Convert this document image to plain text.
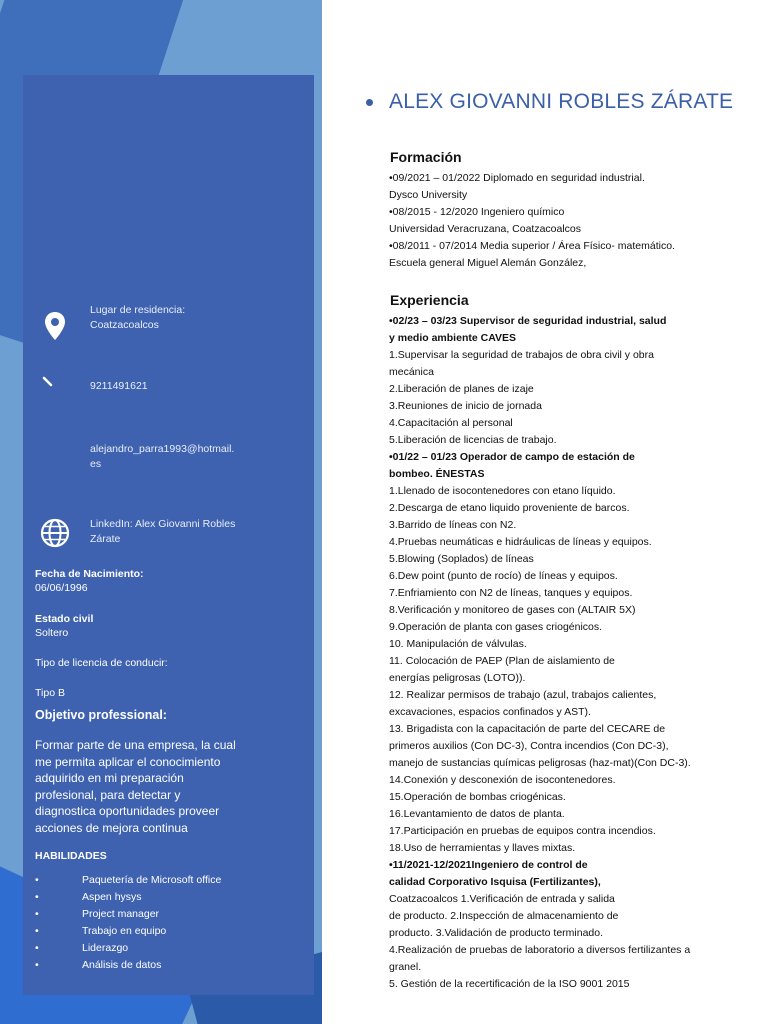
Lugar de residencia:
Coatzacoalcos
9211491621
alejandro_parra1993@hotmail.
es
LinkedIn: Alex Giovanni Robles
Zárate
Fecha de Nacimiento:
06/06/1996
Estado civil
Soltero
Tipo de licencia de conducir:
Tipo B
Objetivo professional:
Formar parte de una empresa, la cual
me permita aplicar el conocimiento
adquirido en mi preparación
profesional, para detectar y
diagnostica oportunidades proveer
acciones de mejora continua
HABILIDADES
•	Paquetería de Microsoft office
•	Aspen hysys
•	Project manager
•	Trabajo en equipo
•	Liderazgo
•	Análisis de datos
ALEX GIOVANNI ROBLES ZÁRATE
Formación
•09/2021 – 01/2022 Diplomado en seguridad industrial.
Dysco University
•08/2015 - 12/2020 Ingeniero químico
Universidad Veracruzana, Coatzacoalcos
•08/2011 - 07/2014 Media superior / Área Físico- matemático.
Escuela general Miguel Alemán González,
Experiencia
•02/23 – 03/23 Supervisor de seguridad industrial, salud
y medio ambiente CAVES
1.Supervisar la seguridad de trabajos de obra civil y obra
mecánica
2.Liberación de planes de izaje
3.Reuniones de inicio de jornada
4.Capacitación al personal
5.Liberación de licencias de trabajo.
•01/22 – 01/23 Operador de campo de estación de
bombeo. ÉNESTAS
1.Llenado de isocontenedores con etano líquido.
2.Descarga de etano liquido proveniente de barcos.
3.Barrido de líneas con N2.
4.Pruebas neumáticas e hidráulicas de líneas y equipos.
5.Blowing (Soplados) de líneas
6.Dew point (punto de rocío) de líneas y equipos.
7.Enfriamiento con N2 de líneas, tanques y equipos.
8.Verificación y monitoreo de gases con (ALTAIR 5X)
9.Operación de planta con gases criogénicos.
10. Manipulación de válvulas.
11. Colocación de PAEP (Plan de aislamiento de
energías peligrosas (LOTO)).
12. Realizar permisos de trabajo (azul, trabajos calientes,
excavaciones, espacios confinados y AST).
13. Brigadista con la capacitación de parte del CECARE de
primeros auxilios (Con DC-3), Contra incendios (Con DC-3),
manejo de sustancias químicas peligrosas (haz-mat)(Con DC-3).
14.Conexión y desconexión de isocontenedores.
15.Operación de bombas criogénicas.
16.Levantamiento de datos de planta.
17.Participación en pruebas de equipos contra incendios.
18.Uso de herramientas y llaves mixtas.
•11/2021-12/2021Ingeniero de control de
calidad Corporativo Isquisa (Fertilizantes),
Coatzacoalcos 1.Verificación de entrada y salida
de producto. 2.Inspección de almacenamiento de
producto. 3.Validación de producto terminado.
4.Realización de pruebas de laboratorio a diversos fertilizantes a
granel.
5. Gestión de la recertificación de la ISO 9001 2015
